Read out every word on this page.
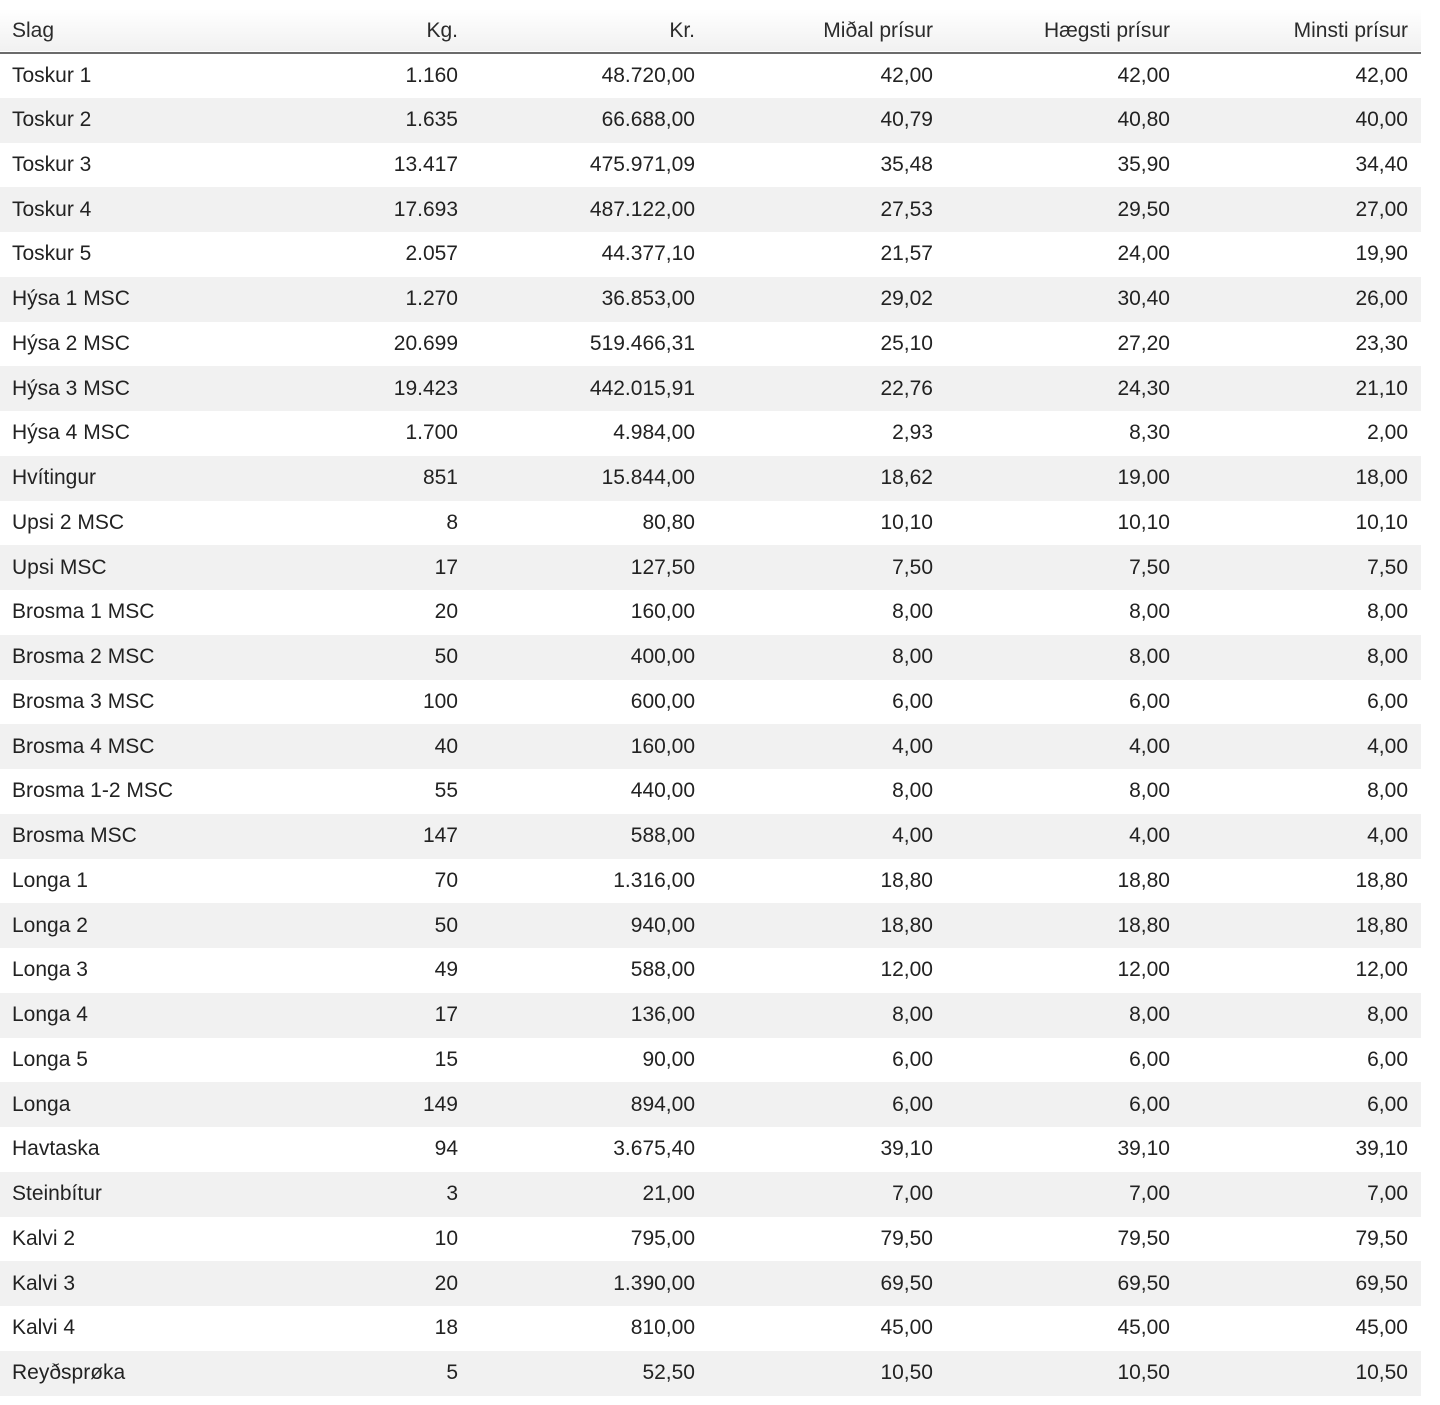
Slag	Kg.	Kr.	Miðal prísur	Hægsti prísur	Minsti prísur
Toskur 1	1.160	48.720,00	42,00	42,00	42,00
Toskur 2	1.635	66.688,00	40,79	40,80	40,00
Toskur 3	13.417	475.971,09	35,48	35,90	34,40
Toskur 4	17.693	487.122,00	27,53	29,50	27,00
Toskur 5	2.057	44.377,10	21,57	24,00	19,90
Hýsa 1 MSC	1.270	36.853,00	29,02	30,40	26,00
Hýsa 2 MSC	20.699	519.466,31	25,10	27,20	23,30
Hýsa 3 MSC	19.423	442.015,91	22,76	24,30	21,10
Hýsa 4 MSC	1.700	4.984,00	2,93	8,30	2,00
Hvítingur	851	15.844,00	18,62	19,00	18,00
Upsi 2 MSC	8	80,80	10,10	10,10	10,10
Upsi MSC	17	127,50	7,50	7,50	7,50
Brosma 1 MSC	20	160,00	8,00	8,00	8,00
Brosma 2 MSC	50	400,00	8,00	8,00	8,00
Brosma 3 MSC	100	600,00	6,00	6,00	6,00
Brosma 4 MSC	40	160,00	4,00	4,00	4,00
Brosma 1-2 MSC	55	440,00	8,00	8,00	8,00
Brosma MSC	147	588,00	4,00	4,00	4,00
Longa 1	70	1.316,00	18,80	18,80	18,80
Longa 2	50	940,00	18,80	18,80	18,80
Longa 3	49	588,00	12,00	12,00	12,00
Longa 4	17	136,00	8,00	8,00	8,00
Longa 5	15	90,00	6,00	6,00	6,00
Longa	149	894,00	6,00	6,00	6,00
Havtaska	94	3.675,40	39,10	39,10	39,10
Steinbítur	3	21,00	7,00	7,00	7,00
Kalvi 2	10	795,00	79,50	79,50	79,50
Kalvi 3	20	1.390,00	69,50	69,50	69,50
Kalvi 4	18	810,00	45,00	45,00	45,00
Reyðsprøka	5	52,50	10,50	10,50	10,50
